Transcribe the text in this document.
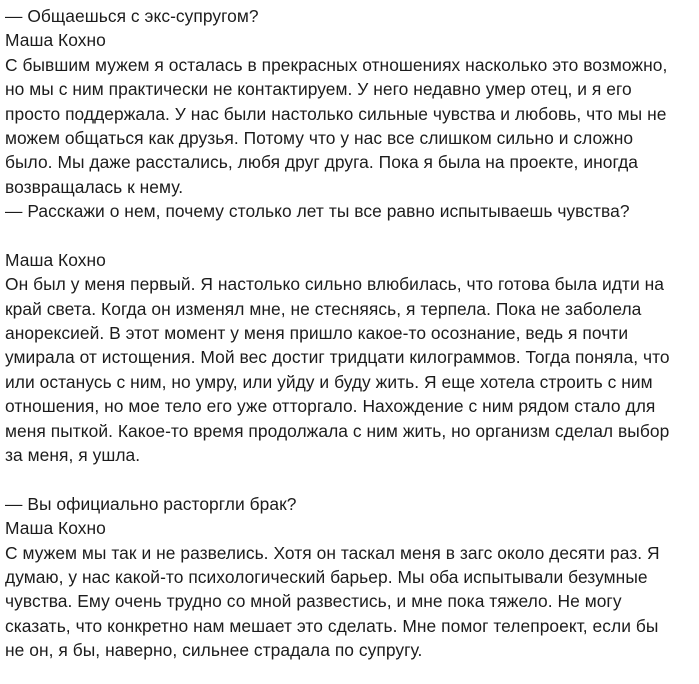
— Общаешься с экс-супругом?
Маша Кохно
С бывшим мужем я осталась в прекрасных отношениях насколько это возможно,
но мы с ним практически не контактируем. У него недавно умер отец, и я его
просто поддержала. У нас были настолько сильные чувства и любовь, что мы не
можем общаться как друзья. Потому что у нас все слишком сильно и сложно
было. Мы даже расстались, любя друг друга. Пока я была на проекте, иногда
возвращалась к нему.
— Расскажи о нем, почему столько лет ты все равно испытываешь чувства?
Маша Кохно
Он был у меня первый. Я настолько сильно влюбилась, что готова была идти на
край света. Когда он изменял мне, не стесняясь, я терпела. Пока не заболела
анорексией. В этот момент у меня пришло какое-то осознание, ведь я почти
умирала от истощения. Мой вес достиг тридцати килограммов. Тогда поняла, что
или останусь с ним, но умру, или уйду и буду жить. Я еще хотела строить с ним
отношения, но мое тело его уже отторгало. Нахождение с ним рядом стало для
меня пыткой. Какое-то время продолжала с ним жить, но организм сделал выбор
за меня, я ушла.
— Вы официально расторгли брак?
Маша Кохно
С мужем мы так и не развелись. Хотя он таскал меня в загс около десяти раз. Я
думаю, у нас какой-то психологический барьер. Мы оба испытывали безумные
чувства. Ему очень трудно со мной развестись, и мне пока тяжело. Не могу
сказать, что конкретно нам мешает это сделать. Мне помог телепроект, если бы
не он, я бы, наверно, сильнее страдала по супругу.
